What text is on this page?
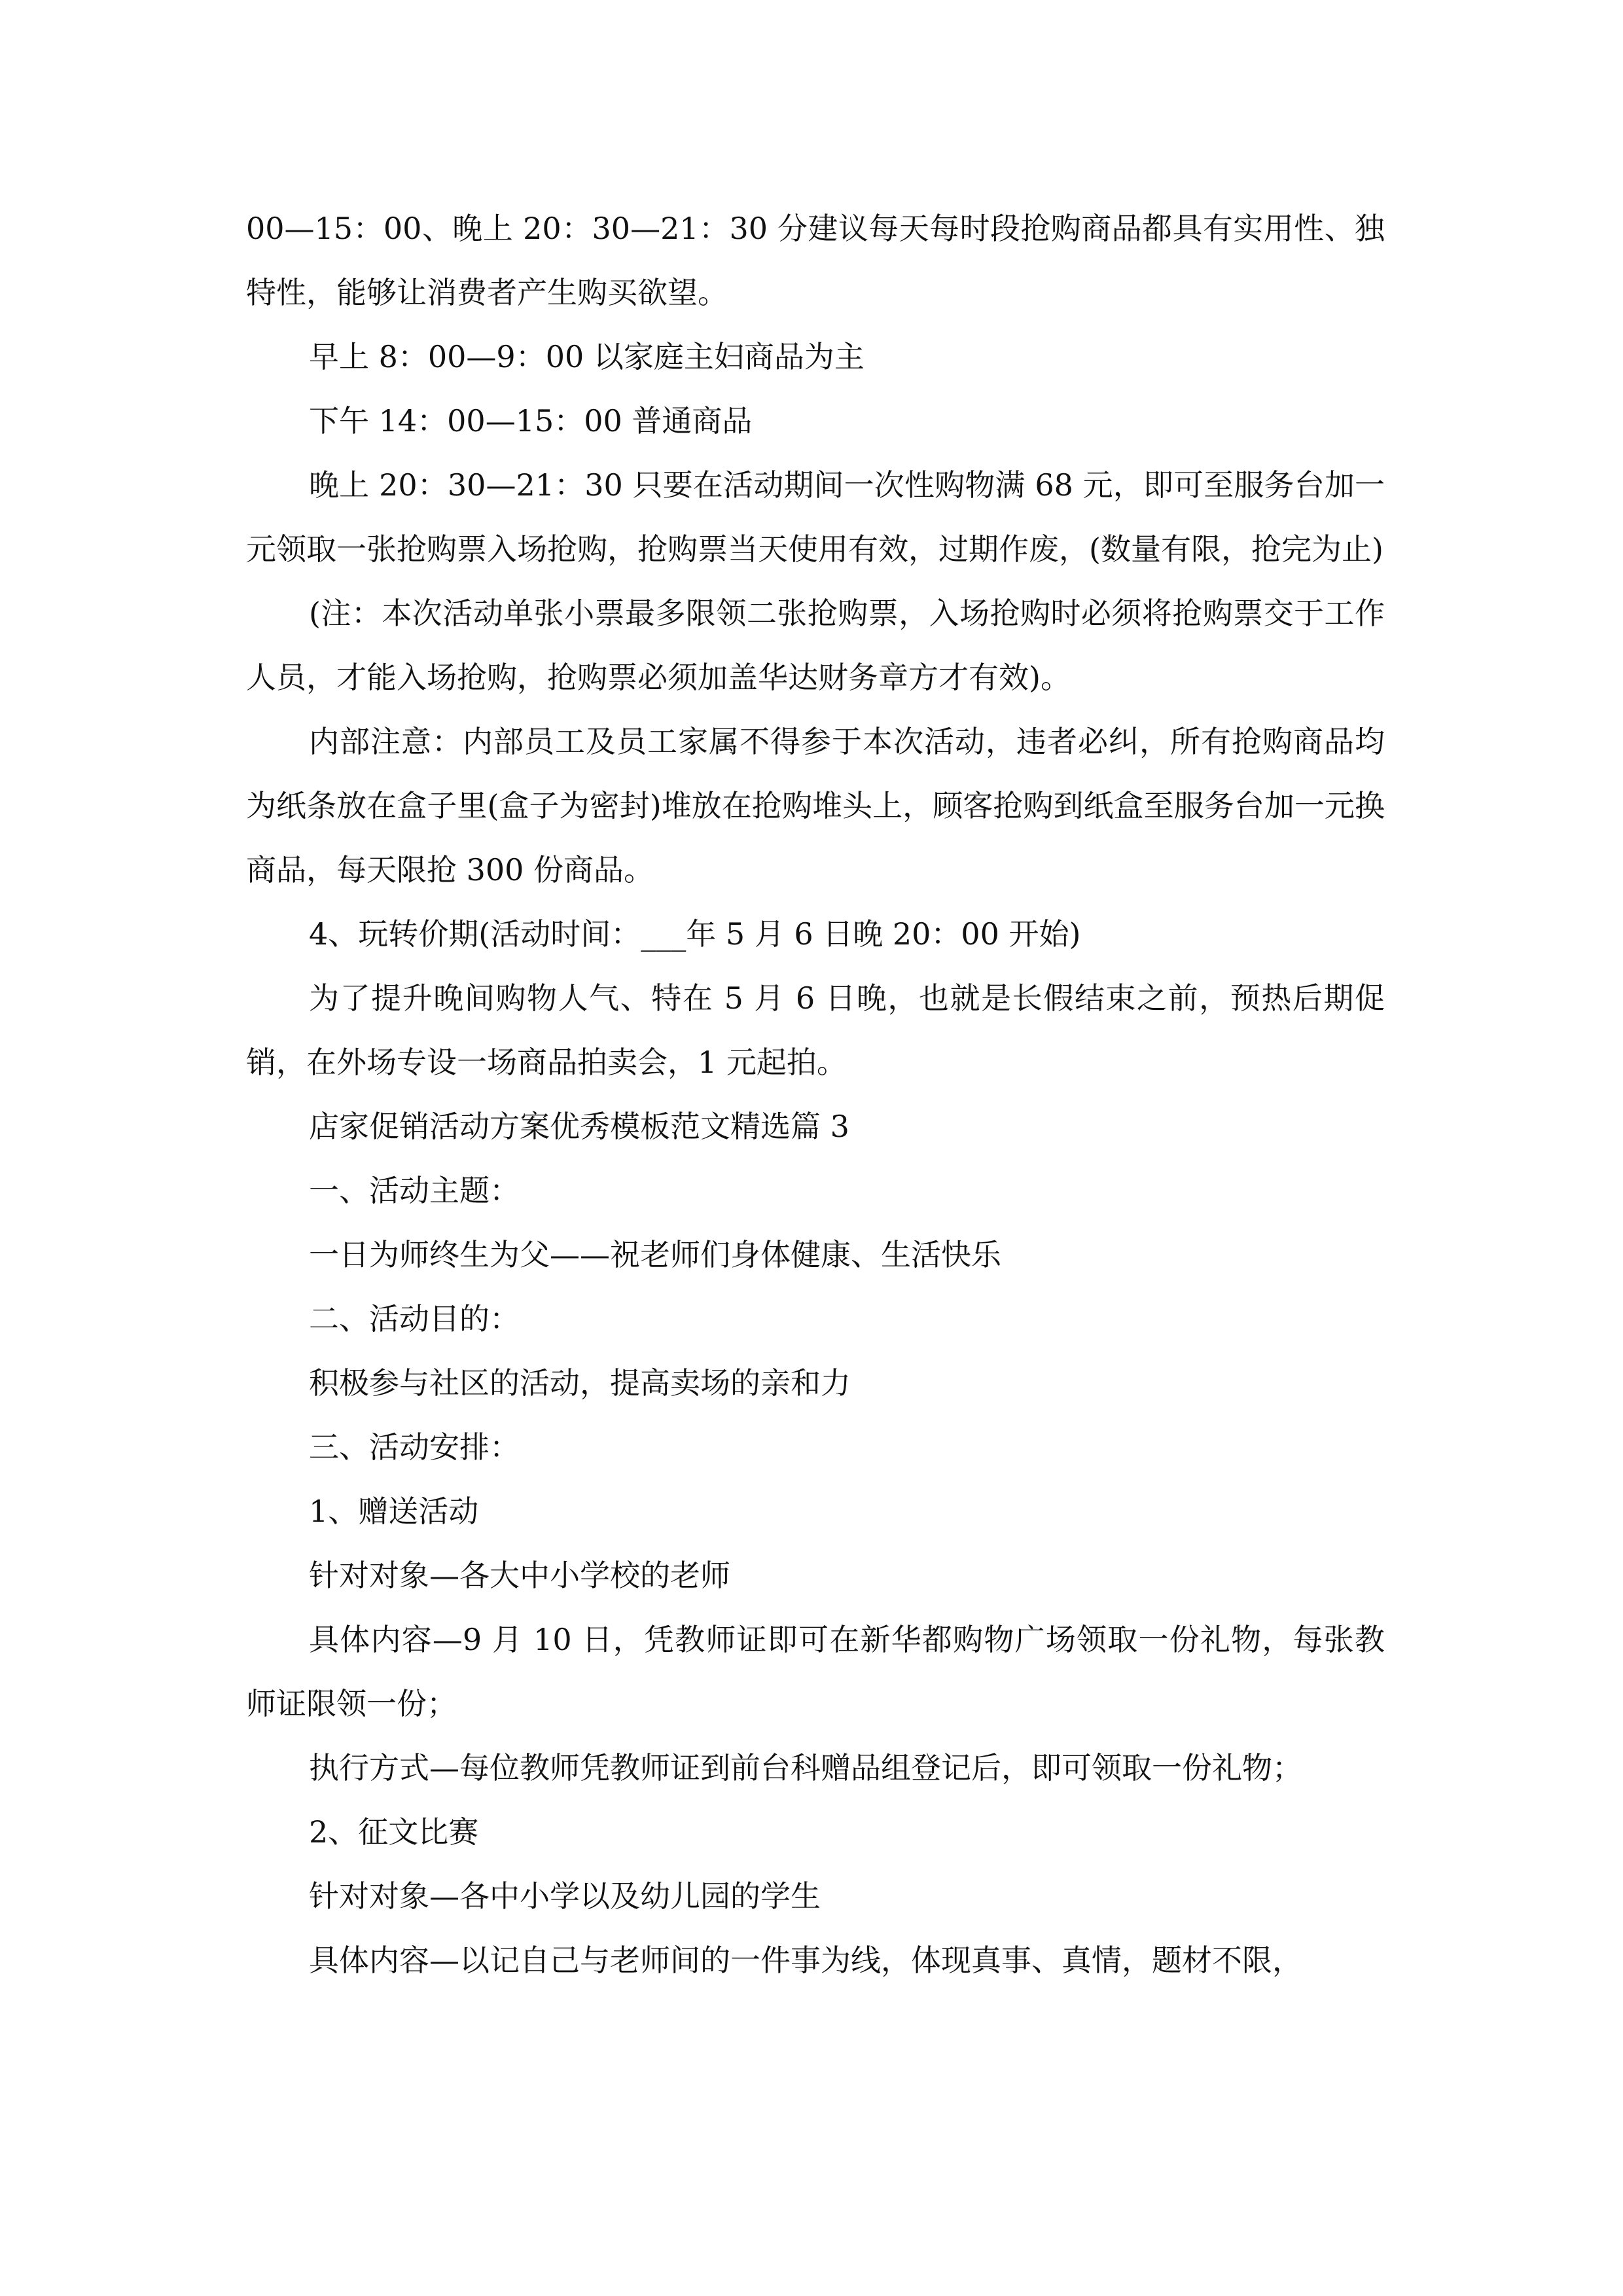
00—15：00、晚上 20：30—21：30 分建议每天每时段抢购商品都具有实用性、独特性，能够让消费者产生购买欲望。

早上 8：00—9：00 以家庭主妇商品为主

下午 14：00—15：00 普通商品

晚上 20：30—21：30 只要在活动期间一次性购物满 68 元，即可至服务台加一元领取一张抢购票入场抢购，抢购票当天使用有效，过期作废，(数量有限，抢完为止)

(注：本次活动单张小票最多限领二张抢购票，入场抢购时必须将抢购票交于工作人员，才能入场抢购，抢购票必须加盖华达财务章方才有效)。

内部注意：内部员工及员工家属不得参于本次活动，违者必纠，所有抢购商品均为纸条放在盒子里(盒子为密封)堆放在抢购堆头上，顾客抢购到纸盒至服务台加一元换商品，每天限抢 300 份商品。

4、玩转价期(活动时间：___年 5 月 6 日晚 20：00 开始)

为了提升晚间购物人气、特在 5 月 6 日晚，也就是长假结束之前，预热后期促销，在外场专设一场商品拍卖会，1 元起拍。

店家促销活动方案优秀模板范文精选篇 3

一、活动主题：

一日为师终生为父——祝老师们身体健康、生活快乐

二、活动目的：

积极参与社区的活动，提高卖场的亲和力

三、活动安排：

1、赠送活动

针对对象—各大中小学校的老师

具体内容—9 月 10 日，凭教师证即可在新华都购物广场领取一份礼物，每张教师证限领一份；

执行方式—每位教师凭教师证到前台科赠品组登记后，即可领取一份礼物；

2、征文比赛

针对对象—各中小学以及幼儿园的学生

具体内容—以记自己与老师间的一件事为线，体现真事、真情，题材不限，
